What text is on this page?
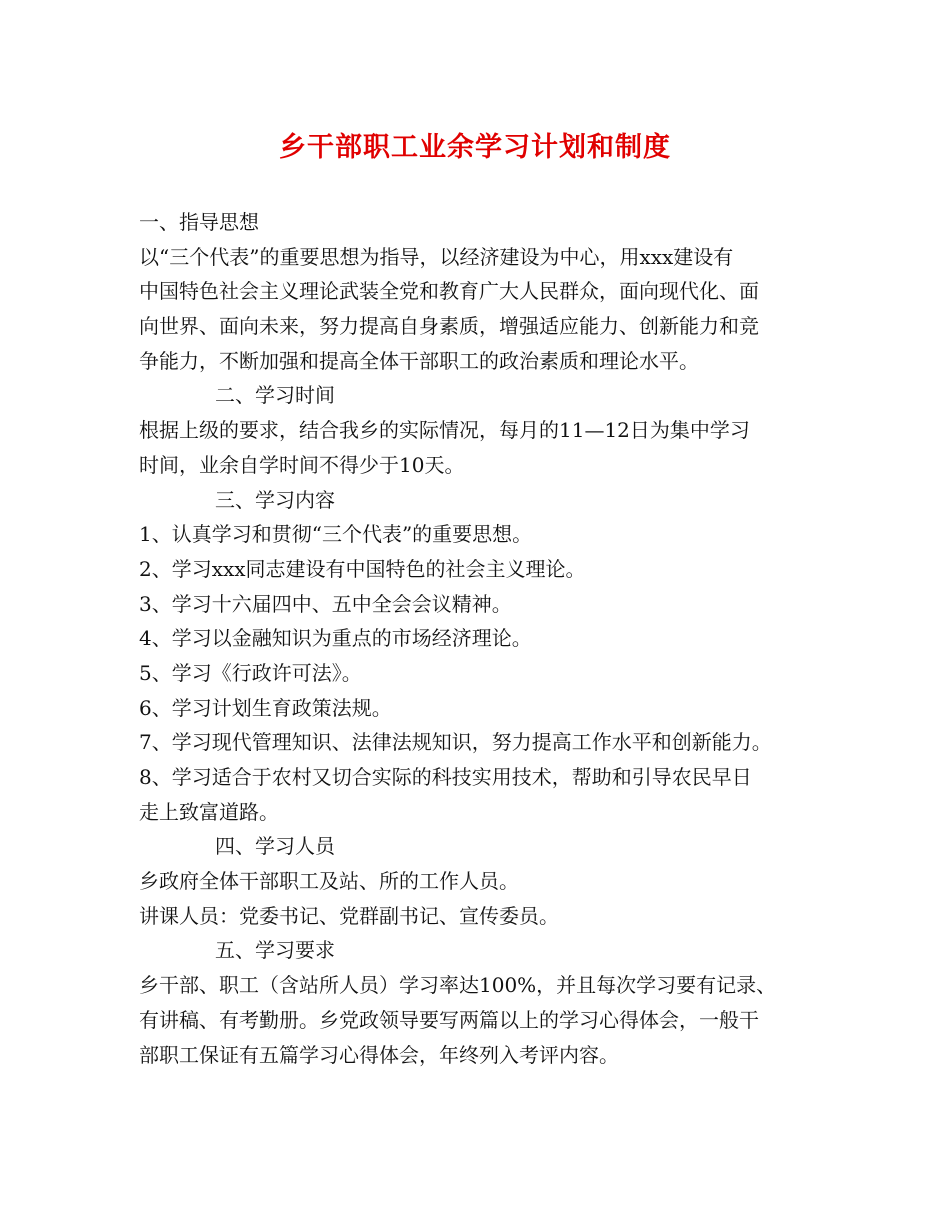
乡干部职工业余学习计划和制度
一、指导思想
以“三个代表”的重要思想为指导，以经济建设为中心，用xxx建设有
中国特色社会主义理论武装全党和教育广大人民群众，面向现代化、面
向世界、面向未来，努力提高自身素质，增强适应能力、创新能力和竞
争能力，不断加强和提高全体干部职工的政治素质和理论水平。
二、学习时间
根据上级的要求，结合我乡的实际情况，每月的11—12日为集中学习
时间，业余自学时间不得少于10天。
三、学习内容
1、认真学习和贯彻“三个代表”的重要思想。
2、学习xxx同志建设有中国特色的社会主义理论。
3、学习十六届四中、五中全会会议精神。
4、学习以金融知识为重点的市场经济理论。
5、学习《行政许可法》。
6、学习计划生育政策法规。
7、学习现代管理知识、法律法规知识，努力提高工作水平和创新能力。
8、学习适合于农村又切合实际的科技实用技术，帮助和引导农民早日
走上致富道路。
四、学习人员
乡政府全体干部职工及站、所的工作人员。
讲课人员：党委书记、党群副书记、宣传委员。
五、学习要求
乡干部、职工（含站所人员）学习率达100%，并且每次学习要有记录、
有讲稿、有考勤册。乡党政领导要写两篇以上的学习心得体会，一般干
部职工保证有五篇学习心得体会，年终列入考评内容。
